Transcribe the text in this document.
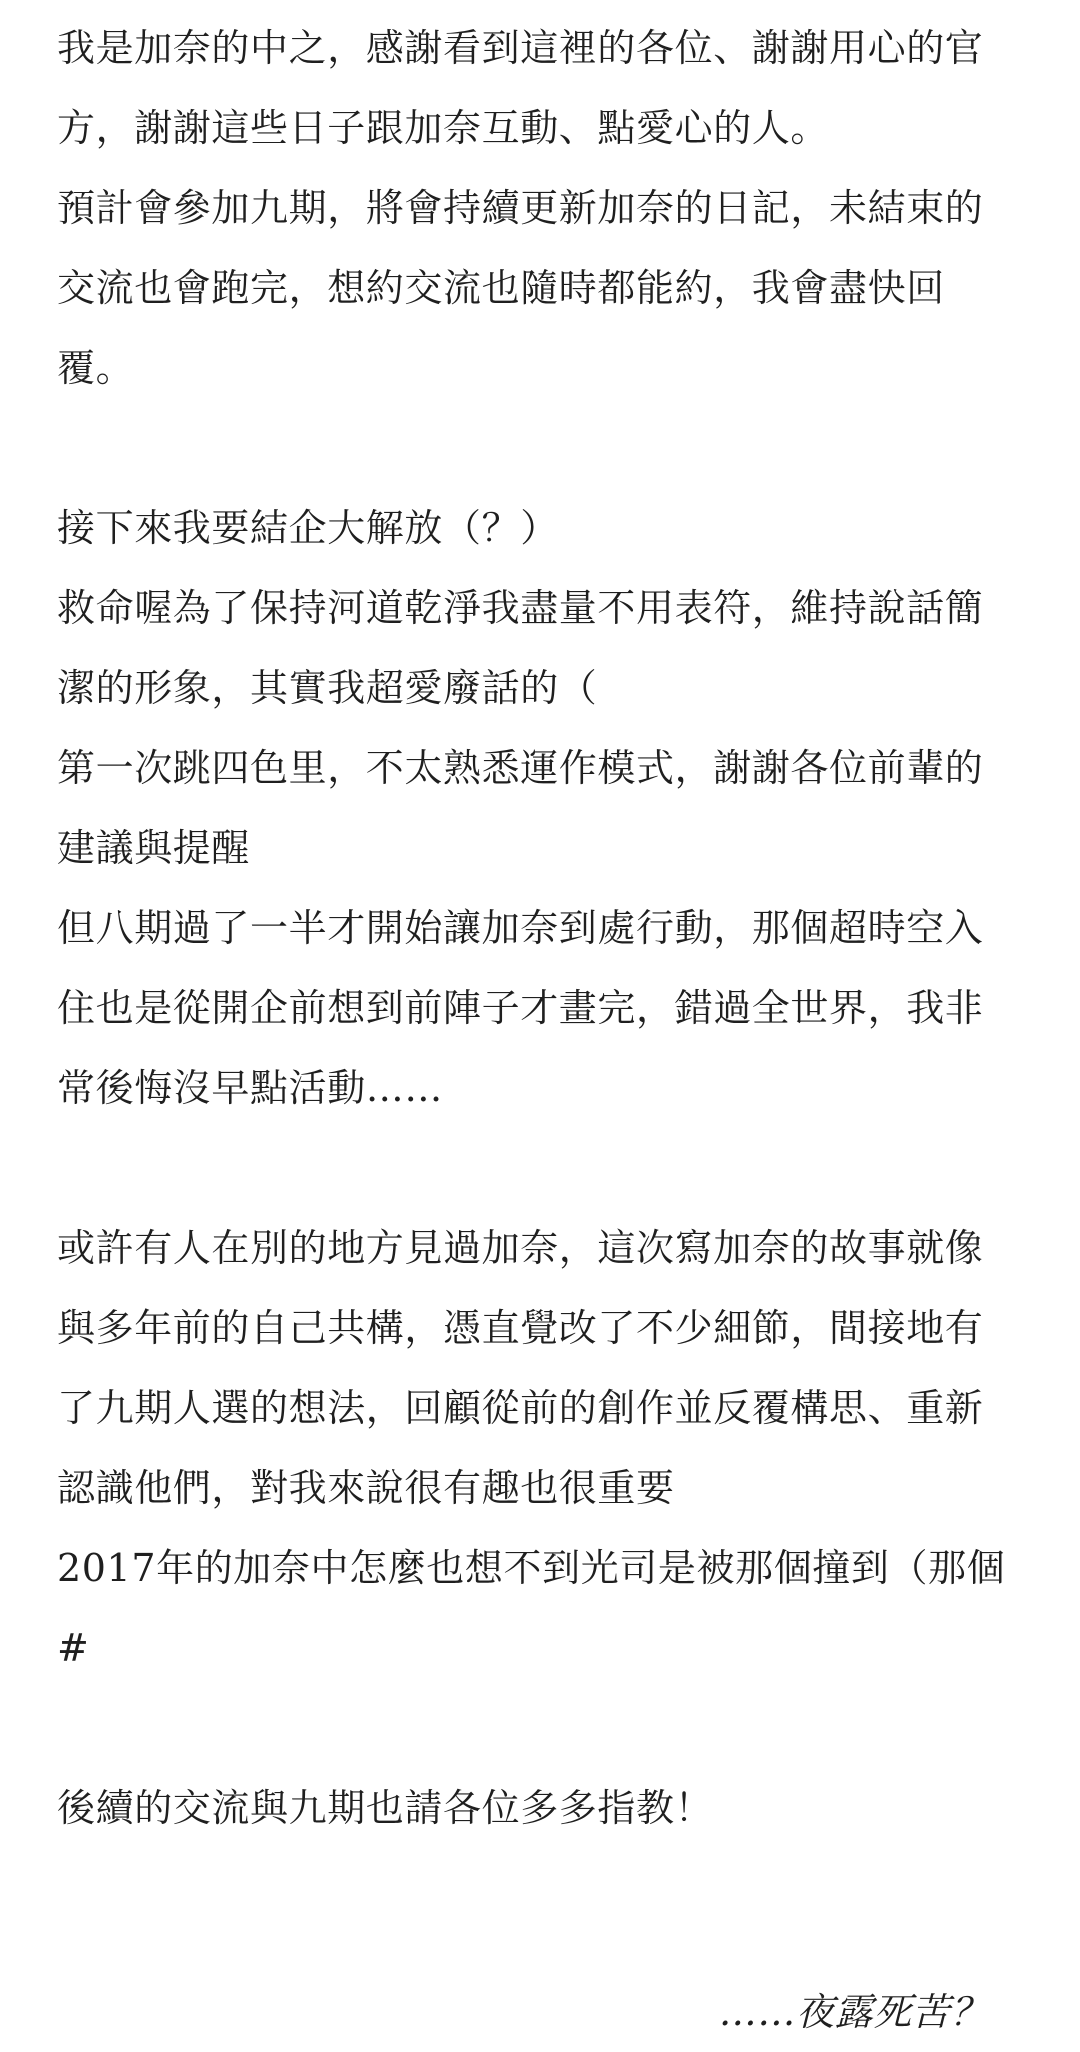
我是加奈的中之，感謝看到這裡的各位、謝謝用心的官方，謝謝這些日子跟加奈互動、點愛心的人。

預計會參加九期，將會持續更新加奈的日記，未結束的交流也會跑完，想約交流也隨時都能約，我會盡快回覆。

接下來我要結企大解放（？）

救命喔為了保持河道乾淨我盡量不用表符，維持說話簡潔的形象，其實我超愛廢話的（

第一次跳四色里，不太熟悉運作模式，謝謝各位前輩的建議與提醒

但八期過了一半才開始讓加奈到處行動，那個超時空入住也是從開企前想到前陣子才畫完，錯過全世界，我非常後悔沒早點活動……

或許有人在別的地方見過加奈，這次寫加奈的故事就像與多年前的自己共構，憑直覺改了不少細節，間接地有了九期人選的想法，回顧從前的創作並反覆構思、重新認識他們，對我來說很有趣也很重要

2017年的加奈中怎麼也想不到光司是被那個撞到（那個#

後續的交流與九期也請各位多多指教！

……夜露死苦？
